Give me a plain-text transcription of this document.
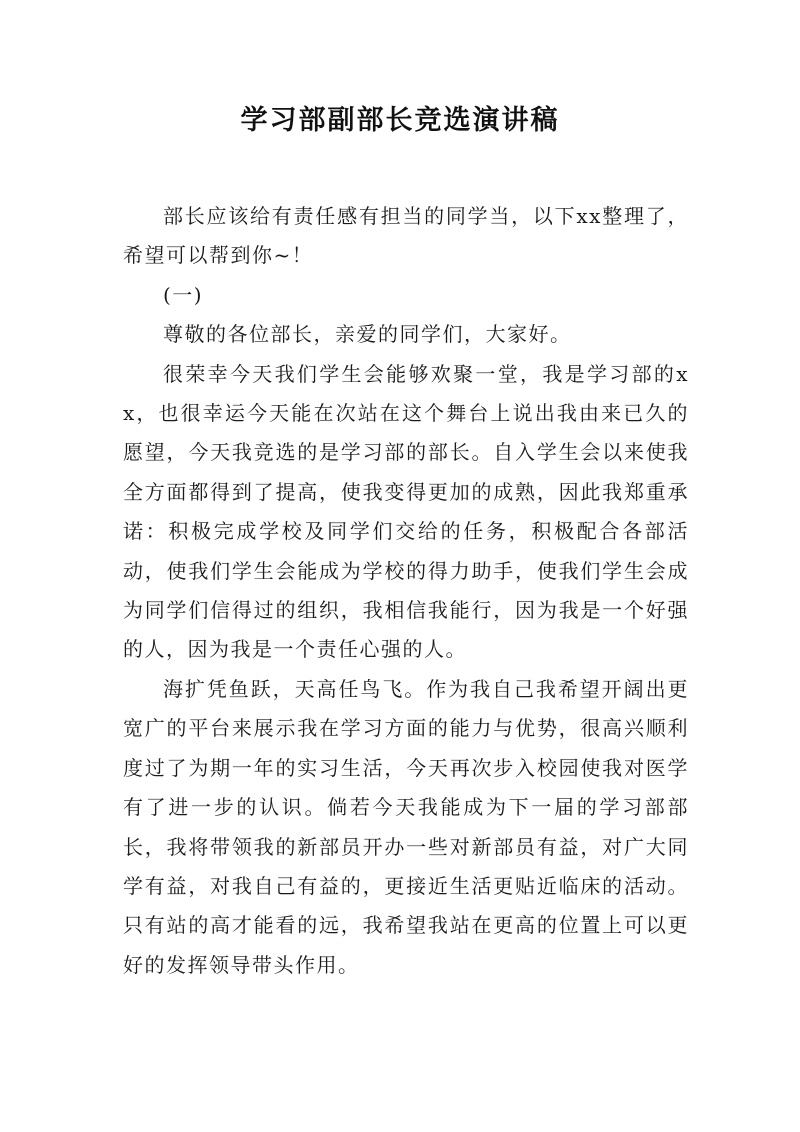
学习部副部长竞选演讲稿

部长应该给有责任感有担当的同学当，以下xx整理了，希望可以帮到你~！

(一)

尊敬的各位部长，亲爱的同学们，大家好。

很荣幸今天我们学生会能够欢聚一堂，我是学习部的xx，也很幸运今天能在次站在这个舞台上说出我由来已久的愿望，今天我竞选的是学习部的部长。自入学生会以来使我全方面都得到了提高，使我变得更加的成熟，因此我郑重承诺：积极完成学校及同学们交给的任务，积极配合各部活动，使我们学生会能成为学校的得力助手，使我们学生会成为同学们信得过的组织，我相信我能行，因为我是一个好强的人，因为我是一个责任心强的人。

海扩凭鱼跃，天高任鸟飞。作为我自己我希望开阔出更宽广的平台来展示我在学习方面的能力与优势，很高兴顺利度过了为期一年的实习生活，今天再次步入校园使我对医学有了进一步的认识。倘若今天我能成为下一届的学习部部长，我将带领我的新部员开办一些对新部员有益，对广大同学有益，对我自己有益的，更接近生活更贴近临床的活动。只有站的高才能看的远，我希望我站在更高的位置上可以更好的发挥领导带头作用。
